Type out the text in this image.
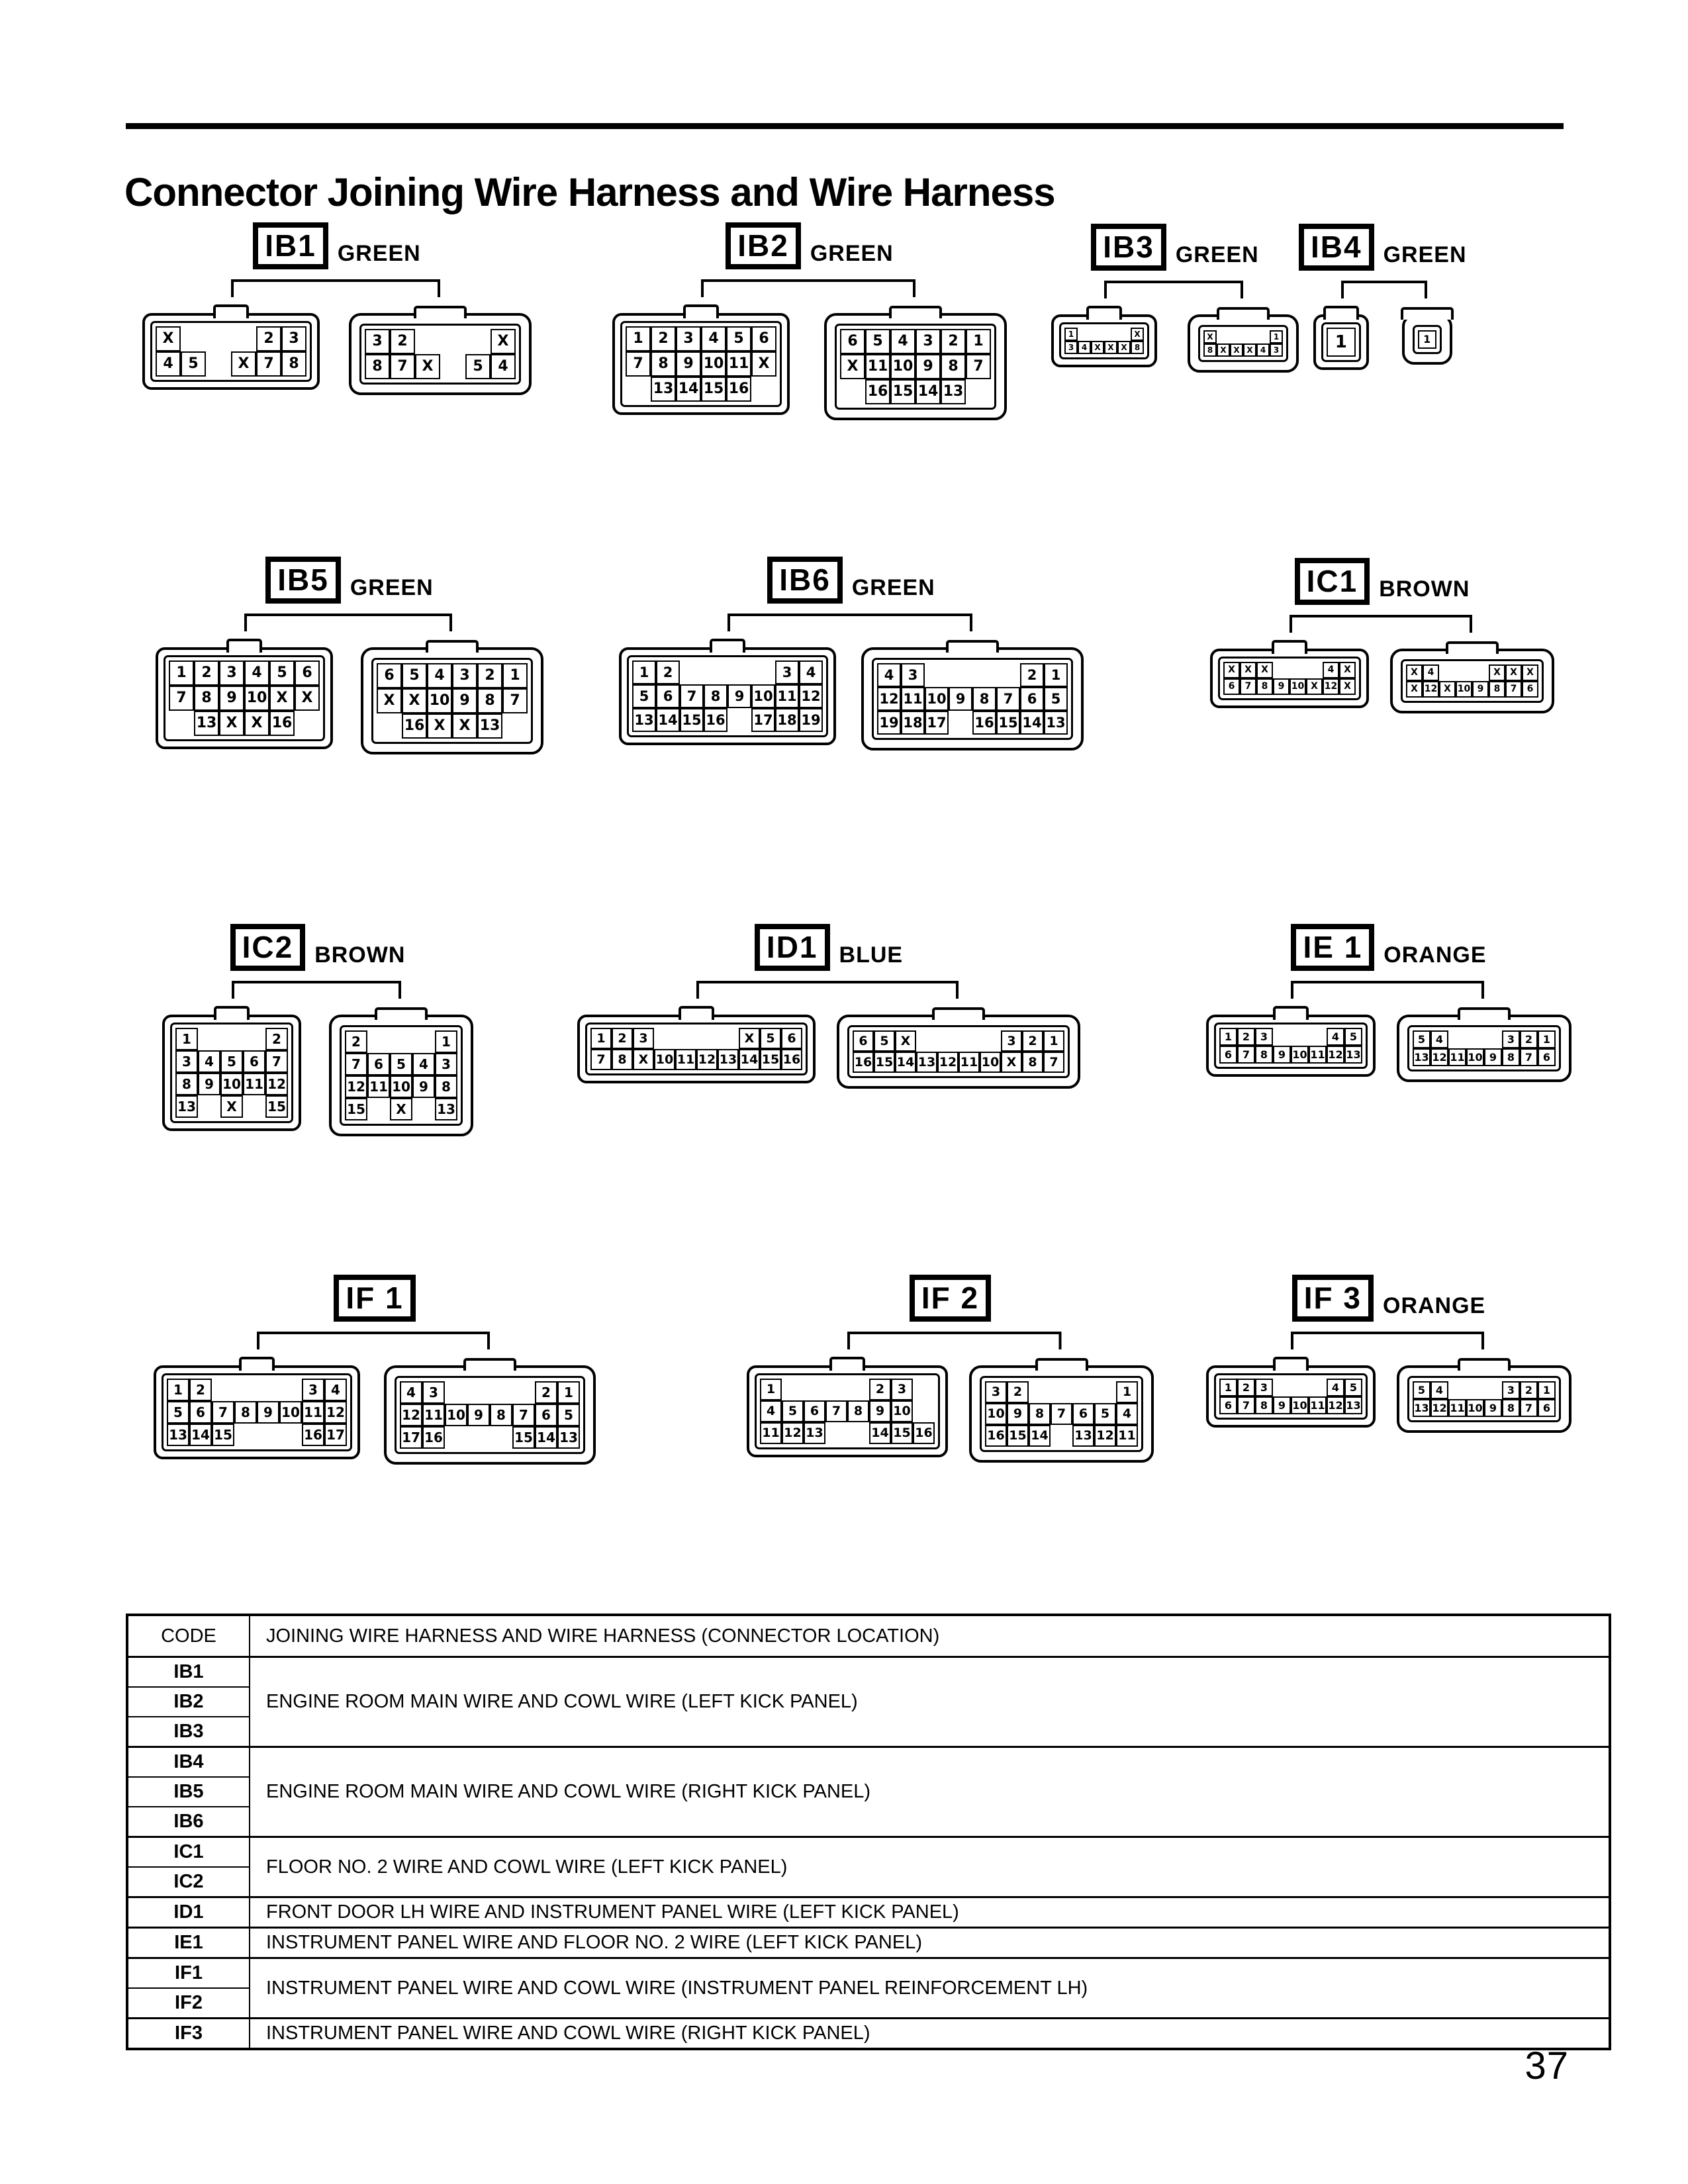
Connector Joining Wire Harness and Wire Harness
IB1 GREEN
X	2	3
4	5	X 7	8
3	2	X
8	7 X	5	4
IB2 GREEN
1	2	3	4	5	6
7	8	9 10 11 X
13 14 15 16
6	5	4	3	2	1
X 11 10 9	8	7
16 15 14 13
IB3 GREEN
1	X
3 4 X X X 8
X	1
8 X X X 4 3
IB4 GREEN
1	1
IB5 GREEN
1	2	3	4	5	6
7	8	9 10 X X
13 X X 16
6	5	4	3	2	1
X X 10 9	8	7
16 X X 13
IB6 GREEN
1	2	3	4
5	6	7	8	9 10 11 12
13 14 15 16 17 18 19
4	3	2	1
12 11 10 9	8	7	6	5
19 18 17 16 15 14 13
IC1 BROWN
X	X	X	4	X
6	7	8	9 10 X 12 X
X	4	X	X	X
X 12 X 10 9	8	7	6
IC2 BROWN
1	2
3	4	5	6	7
8	9 10 11 12
13	X	15
2	1
7	6	5	4	3
12 11 10 9	8
15	X	13
ID1 BLUE
1 2 3	X 5 6
7 8 X 10 11 12 13 14 15 16
6 5 X	3 2 1
16 15 14 13 12 11 10 X 8 7
IE 1 ORANGE
1 2 3	4 5
6 7 8 9 10 11 12 13
5 4	3 2 1
13 12 11 10 9 8 7 6
IF 1
1	2	3	4
5	6	7	8	9 10 11 12
13 14 15	16 17
4	3	2	1
12 11 10 9	8	7	6	5
17 16	15 14 13
IF 2
1	2	3
4	5	6	7	8	9 10
11 12 13	14 15 16
3	2	1
10 9	8	7	6	5	4
16 15 14 13 12 11
IF 3 ORANGE
1 2 3	4 5
6 7 8 9 10 11 12 13
5 4	3 2 1
13 12 11 10 9 8 7 6
CODE	JOINING WIRE HARNESS AND WIRE HARNESS (CONNECTOR LOCATION)
IB1	ENGINE ROOM MAIN WIRE AND COWL WIRE (LEFT KICK PANEL)
IB2	
IB3	
IB4	ENGINE ROOM MAIN WIRE AND COWL WIRE (RIGHT KICK PANEL)
IB5	
IB6	
IC1	FLOOR NO. 2 WIRE AND COWL WIRE (LEFT KICK PANEL)
IC2	
ID1	FRONT DOOR LH WIRE AND INSTRUMENT PANEL WIRE (LEFT KICK PANEL)
IE1	INSTRUMENT PANEL WIRE AND FLOOR NO. 2 WIRE (LEFT KICK PANEL)
IF1	INSTRUMENT PANEL WIRE AND COWL WIRE (INSTRUMENT PANEL REINFORCEMENT LH)
IF2	
IF3	INSTRUMENT PANEL WIRE AND COWL WIRE (RIGHT KICK PANEL)
37
